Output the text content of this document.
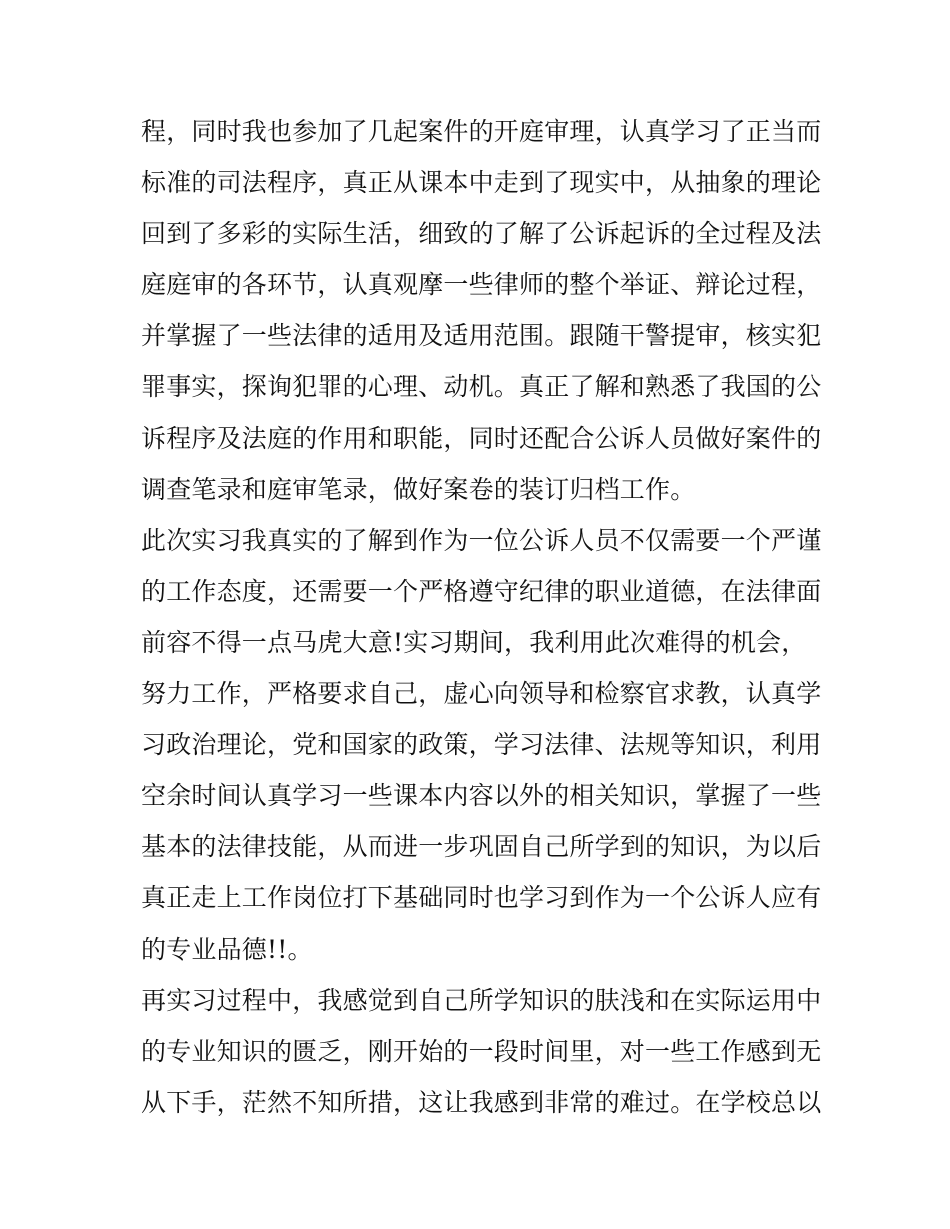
程，同时我也参加了几起案件的开庭审理，认真学习了正当而
标准的司法程序，真正从课本中走到了现实中，从抽象的理论
回到了多彩的实际生活，细致的了解了公诉起诉的全过程及法
庭庭审的各环节，认真观摩一些律师的整个举证、辩论过程，
并掌握了一些法律的适用及适用范围。跟随干警提审，核实犯
罪事实，探询犯罪的心理、动机。真正了解和熟悉了我国的公
诉程序及法庭的作用和职能，同时还配合公诉人员做好案件的
调查笔录和庭审笔录，做好案卷的装订归档工作。
此次实习我真实的了解到作为一位公诉人员不仅需要一个严谨
的工作态度，还需要一个严格遵守纪律的职业道德，在法律面
前容不得一点马虎大意!实习期间，我利用此次难得的机会，
努力工作，严格要求自己，虚心向领导和检察官求教，认真学
习政治理论，党和国家的政策，学习法律、法规等知识，利用
空余时间认真学习一些课本内容以外的相关知识，掌握了一些
基本的法律技能，从而进一步巩固自己所学到的知识，为以后
真正走上工作岗位打下基础同时也学习到作为一个公诉人应有
的专业品德!!。
再实习过程中，我感觉到自己所学知识的肤浅和在实际运用中
的专业知识的匮乏，刚开始的一段时间里，对一些工作感到无
从下手，茫然不知所措，这让我感到非常的难过。在学校总以
